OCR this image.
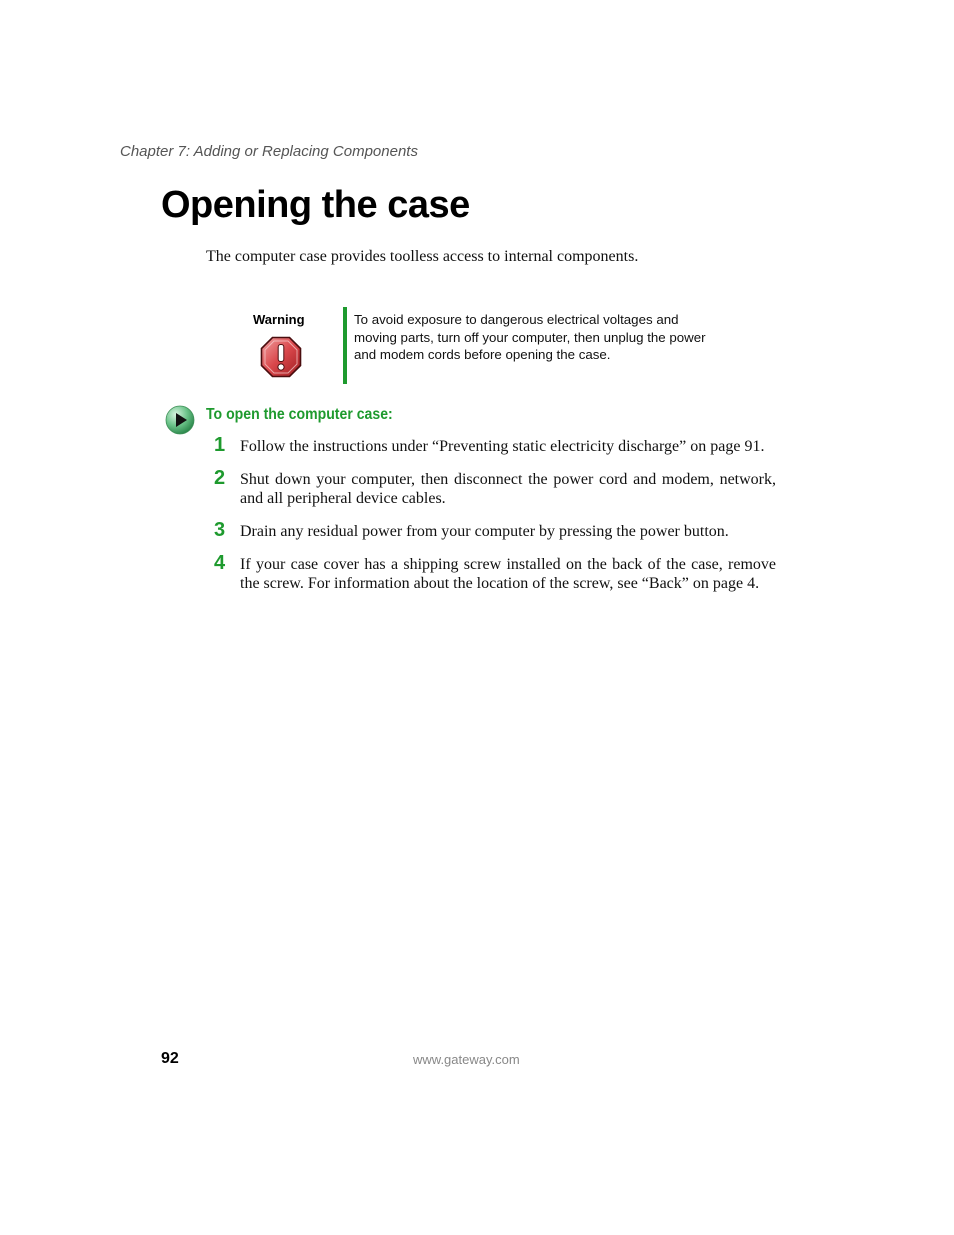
Chapter 7: Adding or Replacing Components

Opening the case

The computer case provides toolless access to internal components.

Warning	To avoid exposure to dangerous electrical voltages and moving parts, turn off your computer, then unplug the power and modem cords before opening the case.

To open the computer case:
1 Follow the instructions under “Preventing static electricity discharge” on page 91.
2 Shut down your computer, then disconnect the power cord and modem, network, and all peripheral device cables.
3 Drain any residual power from your computer by pressing the power button.
4 If your case cover has a shipping screw installed on the back of the case, remove the screw. For information about the location of the screw, see “Back” on page 4.

92	www.gateway.com
